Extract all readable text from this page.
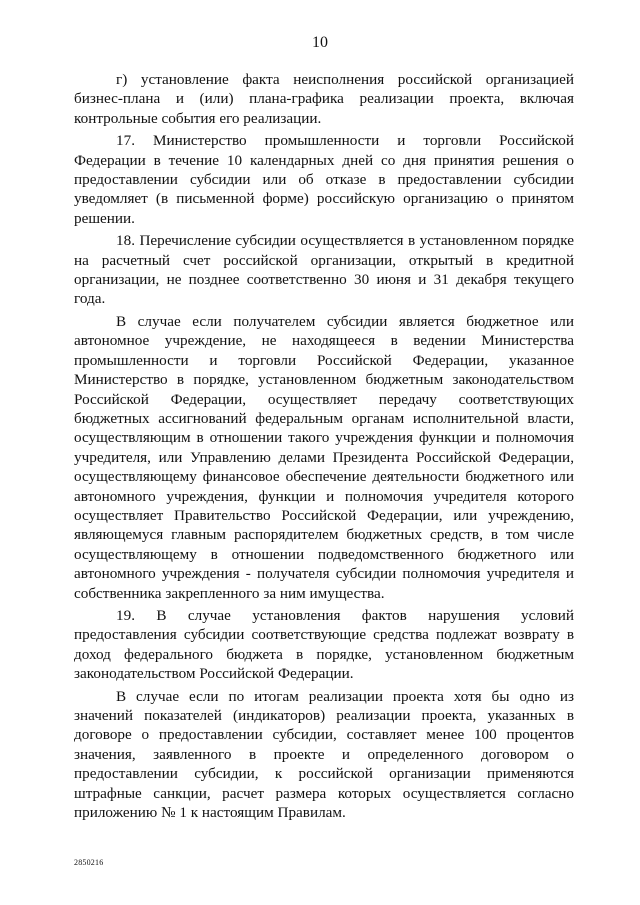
10

г) установление факта неисполнения российской организацией бизнес-плана и (или) плана-графика реализации проекта, включая контрольные события его реализации.

17. Министерство промышленности и торговли Российской Федерации в течение 10 календарных дней со дня принятия решения о предоставлении субсидии или об отказе в предоставлении субсидии уведомляет (в письменной форме) российскую организацию о принятом решении.

18. Перечисление субсидии осуществляется в установленном порядке на расчетный счет российской организации, открытый в кредитной организации, не позднее соответственно 30 июня и 31 декабря текущего года.

В случае если получателем субсидии является бюджетное или автономное учреждение, не находящееся в ведении Министерства промышленности и торговли Российской Федерации, указанное Министерство в порядке, установленном бюджетным законодательством Российской Федерации, осуществляет передачу соответствующих бюджетных ассигнований федеральным органам исполнительной власти, осуществляющим в отношении такого учреждения функции и полномочия учредителя, или Управлению делами Президента Российской Федерации, осуществляющему финансовое обеспечение деятельности бюджетного или автономного учреждения, функции и полномочия учредителя которого осуществляет Правительство Российской Федерации, или учреждению, являющемуся главным распорядителем бюджетных средств, в том числе осуществляющему в отношении подведомственного бюджетного или автономного учреждения - получателя субсидии полномочия учредителя и собственника закрепленного за ним имущества.

19. В случае установления фактов нарушения условий предоставления субсидии соответствующие средства подлежат возврату в доход федерального бюджета в порядке, установленном бюджетным законодательством Российской Федерации.

В случае если по итогам реализации проекта хотя бы одно из значений показателей (индикаторов) реализации проекта, указанных в договоре о предоставлении субсидии, составляет менее 100 процентов значения, заявленного в проекте и определенного договором о предоставлении субсидии, к российской организации применяются штрафные санкции, расчет размера которых осуществляется согласно приложению № 1 к настоящим Правилам.

2850216
